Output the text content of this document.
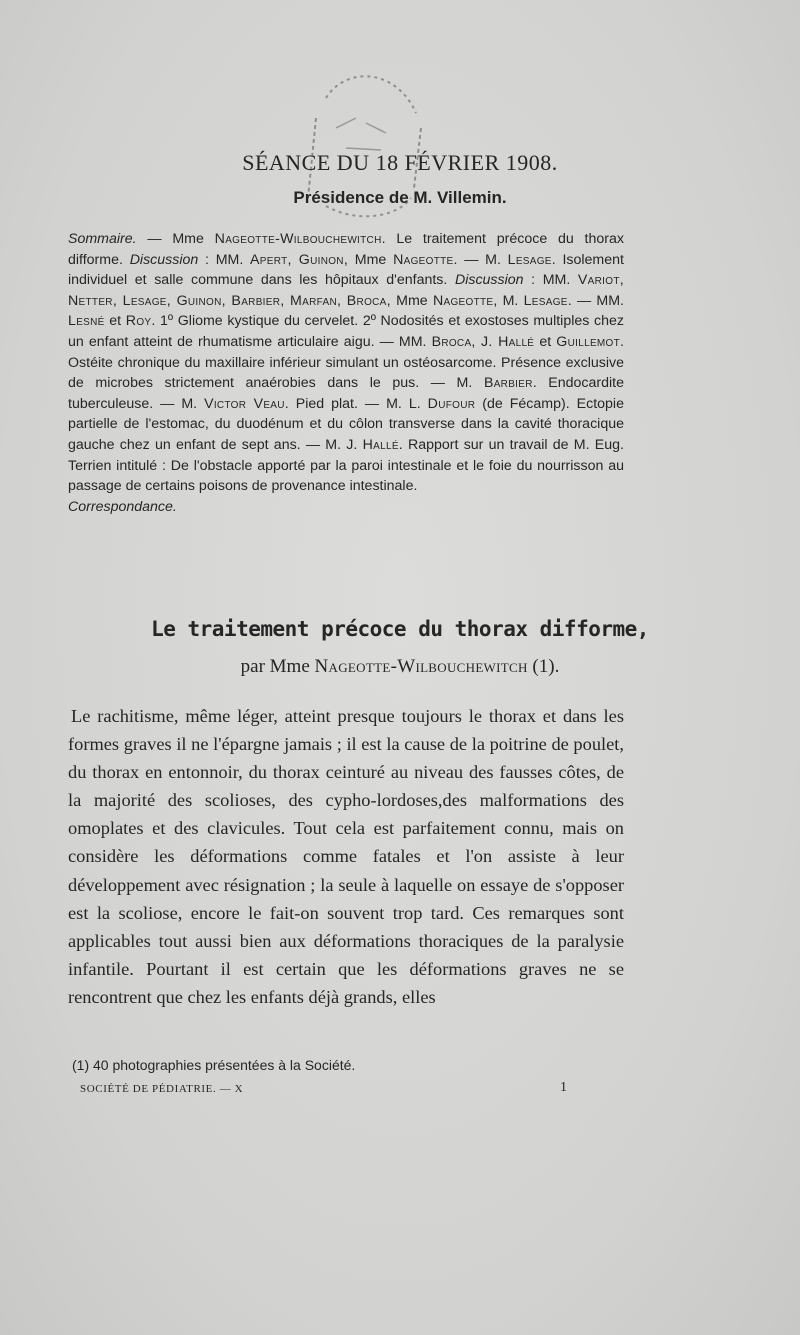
SÉANCE DU 18 FÉVRIER 1908.
Présidence de M. Villemin.

Sommaire. — Mme Nageotte-Wilbouchewitch. Le traitement précoce du thorax difforme. Discussion : MM. Apert, Guinon, Mme Nageotte. — M. Lesage. Isolement individuel et salle commune dans les hôpitaux d'enfants. Discussion : MM. Variot, Netter, Lesage, Guinon, Barbier, Marfan, Broca, Mme Nageotte, M. Lesage. — MM. Lesné et Roy. 1º Gliome kystique du cervelet. 2º Nodosités et exostoses multiples chez un enfant atteint de rhumatisme articulaire aigu. — MM. Broca, J. Hallé et Guillemot. Ostéite chronique du maxillaire inférieur simulant un ostéosarcome. Présence exclusive de microbes strictement anaérobies dans le pus. — M. Barbier. Endocardite tuberculeuse. — M. Victor Veau. Pied plat. — M. L. Dufour (de Fécamp). Ectopie partielle de l'estomac, du duodénum et du côlon transverse dans la cavité thoracique gauche chez un enfant de sept ans. — M. J. Hallé. Rapport sur un travail de M. Eug. Terrien intitulé : De l'obstacle apporté par la paroi intestinale et le foie du nourrisson au passage de certains poisons de provenance intestinale.

Correspondance.

Le traitement précoce du thorax difforme,
par Mme Nageotte-Wilbouchewitch (1).

Le rachitisme, même léger, atteint presque toujours le thorax et dans les formes graves il ne l'épargne jamais ; il est la cause de la poitrine de poulet, du thorax en entonnoir, du thorax ceinturé au niveau des fausses côtes, de la majorité des scolioses, des cypho-lordoses,des malformations des omoplates et des clavicules. Tout cela est parfaitement connu, mais on considère les déformations comme fatales et l'on assiste à leur développement avec résignation ; la seule à laquelle on essaye de s'opposer est la scoliose, encore le fait-on souvent trop tard. Ces remarques sont applicables tout aussi bien aux déformations thoraciques de la paralysie infantile. Pourtant il est certain que les déformations graves ne se rencontrent que chez les enfants déjà grands, elles

(1) 40 photographies présentées à la Société.
SOCIÉTÉ DE PÉDIATRIE. — X	1
